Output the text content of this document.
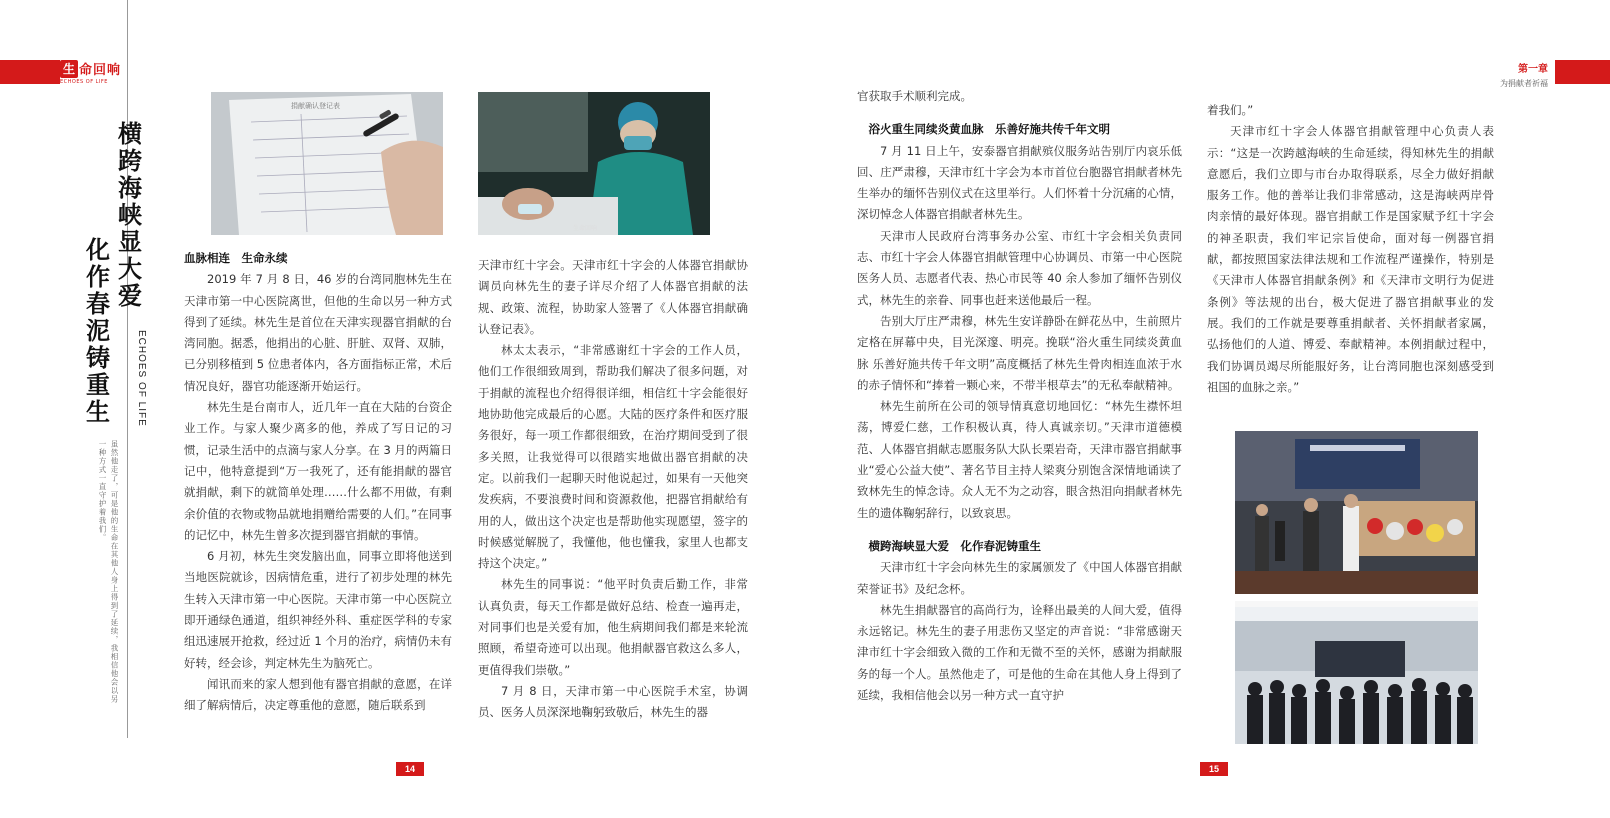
生 命回响
ECHOES OF LIFE
横跨海峡显大爱
化作春泥铸重生	ECHOES OF LIFE
虽然他走了，可是他的生命在其他人身上得到了延续，我相信他会以另一种方式一直守护着我们。
捐献确认登记表
生命回响

血脉相连　生命永续

2019 年 7 月 8 日，46 岁的台湾同胞林先生在天津市第一中心医院离世，但他的生命以另一种方式得到了延续。林先生是首位在天津实现器官捐献的台湾同胞。据悉，他捐出的心脏、肝脏、双肾、双肺，已分别移植到 5 位患者体内，各方面指标正常，术后情况良好，器官功能逐渐开始运行。

林先生是台南市人，近几年一直在大陆的台资企业工作。与家人聚少离多的他，养成了写日记的习惯，记录生活中的点滴与家人分享。在 3 月的两篇日记中，他特意提到“万一我死了，还有能捐献的器官就捐献，剩下的就简单处理……什么都不用做，有剩余价值的衣物或物品就地捐赠给需要的人们。”在同事的记忆中，林先生曾多次提到器官捐献的事情。

6 月初，林先生突发脑出血，同事立即将他送到当地医院就诊，因病情危重，进行了初步处理的林先生转入天津市第一中心医院。天津市第一中心医院立即开通绿色通道，组织神经外科、重症医学科的专家组迅速展开抢救，经过近 1 个月的治疗，病情仍未有好转，经会诊，判定林先生为脑死亡。

闻讯而来的家人想到他有器官捐献的意愿，在详细了解病情后，决定尊重他的意愿，随后联系到

天津市红十字会。天津市红十字会的人体器官捐献协调员向林先生的妻子详尽介绍了人体器官捐献的法规、政策、流程，协助家人签署了《人体器官捐献确认登记表》。

林太太表示，“非常感谢红十字会的工作人员，他们工作很细致周到，帮助我们解决了很多问题，对于捐献的流程也介绍得很详细，相信红十字会能很好地协助他完成最后的心愿。大陆的医疗条件和医疗服务很好，每一项工作都很细致，在治疗期间受到了很多关照，让我觉得可以很踏实地做出器官捐献的决定。以前我们一起聊天时他说起过，如果有一天他突发疾病，不要浪费时间和资源救他，把器官捐献给有用的人，做出这个决定也是帮助他实现愿望，签字的时候感觉解脱了，我懂他，他也懂我，家里人也都支持这个决定。”

林先生的同事说：“他平时负责后勤工作，非常认真负责，每天工作都是做好总结、检查一遍再走，对同事们也是关爱有加，他生病期间我们都是来轮流照顾，希望奇迹可以出现。他捐献器官救这么多人，更值得我们崇敬。”

7 月 8 日，天津市第一中心医院手术室，协调员、医务人员深深地鞠躬致敬后，林先生的器

14
第一章
为捐献者祈福
15

官获取手术顺利完成。

浴火重生同续炎黄血脉　乐善好施共传千年文明

7 月 11 日上午，安泰器官捐献殡仪服务站告别厅内哀乐低回、庄严肃穆，天津市红十字会为本市首位台胞器官捐献者林先生举办的缅怀告别仪式在这里举行。人们怀着十分沉痛的心情，深切悼念人体器官捐献者林先生。

天津市人民政府台湾事务办公室、市红十字会相关负责同志、市红十字会人体器官捐献管理中心协调员、市第一中心医院医务人员、志愿者代表、热心市民等 40 余人参加了缅怀告别仪式，林先生的亲眷、同事也赶来送他最后一程。

告别大厅庄严肃穆，林先生安详静卧在鲜花丛中，生前照片定格在屏幕中央，目光深邃、明亮。挽联“浴火重生同续炎黄血脉 乐善好施共传千年文明”高度概括了林先生骨肉相连血浓于水的赤子情怀和“捧着一颗心来，不带半根草去”的无私奉献精神。

林先生前所在公司的领导情真意切地回忆：“林先生襟怀坦荡，博爱仁慈，工作积极认真，待人真诚亲切。”天津市道德模范、人体器官捐献志愿服务队大队长栗岩奇，天津市器官捐献事业“爱心公益大使”、著名节目主持人梁爽分别饱含深情地诵读了致林先生的悼念诗。众人无不为之动容，眼含热泪向捐献者林先生的遗体鞠躬辞行，以致哀思。

横跨海峡显大爱　化作春泥铸重生

天津市红十字会向林先生的家属颁发了《中国人体器官捐献荣誉证书》及纪念杯。

林先生捐献器官的高尚行为，诠释出最美的人间大爱，值得永远铭记。林先生的妻子用悲伤又坚定的声音说：“非常感谢天津市红十字会细致入微的工作和无微不至的关怀，感谢为捐献服务的每一个人。虽然他走了，可是他的生命在其他人身上得到了延续，我相信他会以另一种方式一直守护

着我们。”

天津市红十字会人体器官捐献管理中心负责人表示：“这是一次跨越海峡的生命延续，得知林先生的捐献意愿后，我们立即与市台办取得联系，尽全力做好捐献服务工作。他的善举让我们非常感动，这是海峡两岸骨肉亲情的最好体现。器官捐献工作是国家赋予红十字会的神圣职责，我们牢记宗旨使命，面对每一例器官捐献，都按照国家法律法规和工作流程严谨操作，特别是《天津市人体器官捐献条例》和《天津市文明行为促进条例》等法规的出台，极大促进了器官捐献事业的发展。我们的工作就是要尊重捐献者、关怀捐献者家属，弘扬他们的人道、博爱、奉献精神。本例捐献过程中，我们协调员竭尽所能服好务，让台湾同胞也深刻感受到祖国的血脉之亲。”
